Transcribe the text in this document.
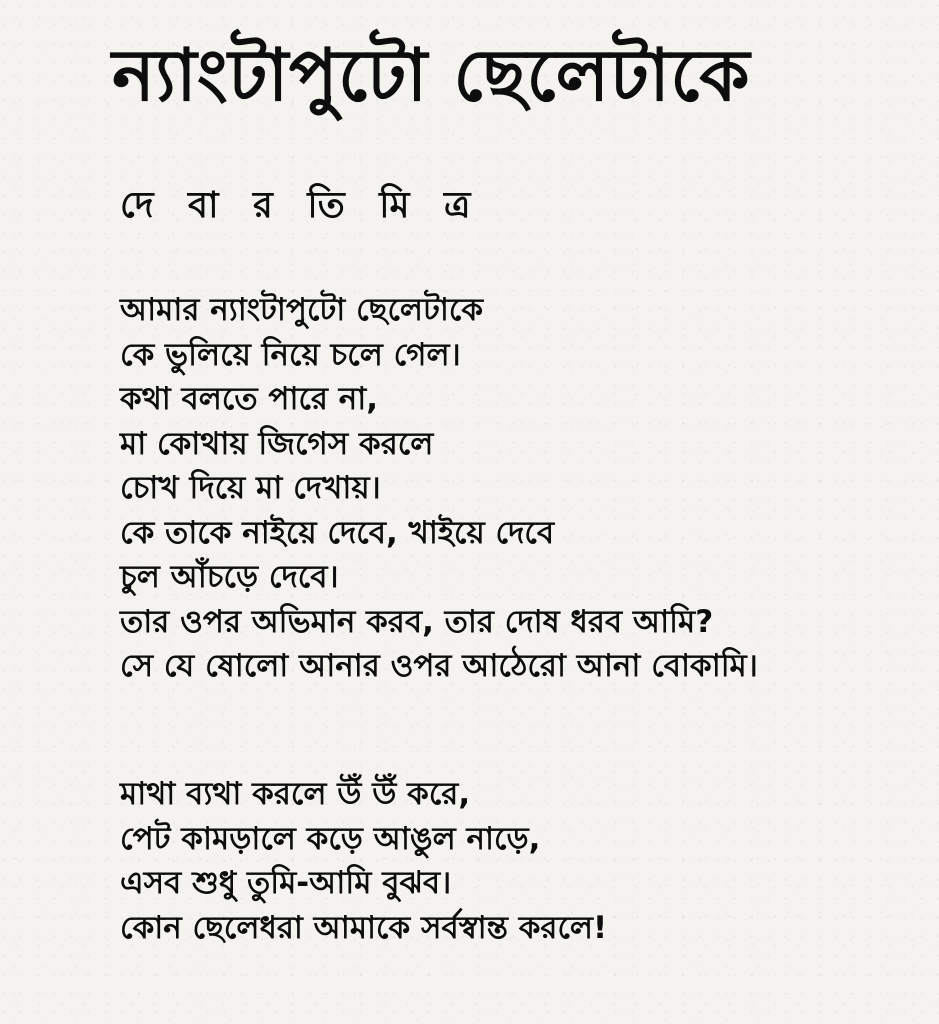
ন্যাংটাপুটো ছেলেটাকে
দে বা র তি মি ত্র
আমার ন্যাংটাপুটো ছেলেটাকে
কে ভুলিয়ে নিয়ে চলে গেল।
কথা বলতে পারে না,
মা কোথায় জিগেস করলে
চোখ দিয়ে মা দেখায়।
কে তাকে নাইয়ে দেবে, খাইয়ে দেবে
চুল আঁচড়ে দেবে।
তার ওপর অভিমান করব, তার দোষ ধরব আমি?
সে যে ষোলো আনার ওপর আঠেরো আনা বোকামি।
মাথা ব্যথা করলে উঁ উঁ করে,
পেট কামড়ালে কড়ে আঙুল নাড়ে,
এসব শুধু তুমি-আমি বুঝব।
কোন ছেলেধরা আমাকে সর্বস্বান্ত করলে!
